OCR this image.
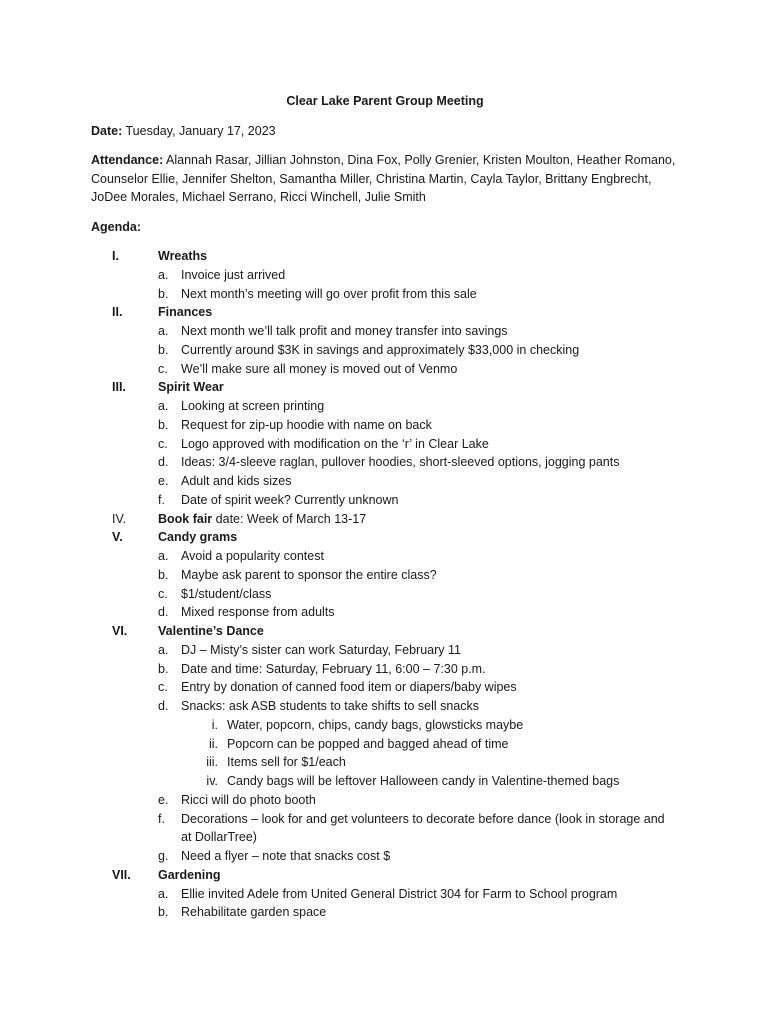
Clear Lake Parent Group Meeting
Date: Tuesday, January 17, 2023
Attendance: Alannah Rasar, Jillian Johnston, Dina Fox, Polly Grenier, Kristen Moulton, Heather Romano,
Counselor Ellie, Jennifer Shelton, Samantha Miller, Christina Martin, Cayla Taylor, Brittany Engbrecht,
JoDee Morales, Michael Serrano, Ricci Winchell, Julie Smith
Agenda:
I.	Wreaths
a.	Invoice just arrived
b.	Next month’s meeting will go over profit from this sale
II.	Finances
a.	Next month we’ll talk profit and money transfer into savings
b.	Currently around $3K in savings and approximately $33,000 in checking
c.	We’ll make sure all money is moved out of Venmo
III.	Spirit Wear
a.	Looking at screen printing
b.	Request for zip-up hoodie with name on back
c.	Logo approved with modification on the ‘r’ in Clear Lake
d.	Ideas: 3/4-sleeve raglan, pullover hoodies, short-sleeved options, jogging pants
e.	Adult and kids sizes
f.	Date of spirit week? Currently unknown
IV.	Book fair date: Week of March 13-17
V.	Candy grams
a.	Avoid a popularity contest
b.	Maybe ask parent to sponsor the entire class?
c.	$1/student/class
d.	Mixed response from adults
VI.	Valentine’s Dance
a.	DJ – Misty’s sister can work Saturday, February 11
b.	Date and time: Saturday, February 11, 6:00 – 7:30 p.m.
c.	Entry by donation of canned food item or diapers/baby wipes
d.	Snacks: ask ASB students to take shifts to sell snacks
i. Water, popcorn, chips, candy bags, glowsticks maybe
ii. Popcorn can be popped and bagged ahead of time
iii. Items sell for $1/each
iv. Candy bags will be leftover Halloween candy in Valentine-themed bags
e.	Ricci will do photo booth
f.	Decorations – look for and get volunteers to decorate before dance (look in storage and
at DollarTree)
g.	Need a flyer – note that snacks cost $
VII.	Gardening
a.	Ellie invited Adele from United General District 304 for Farm to School program
b.	Rehabilitate garden space
